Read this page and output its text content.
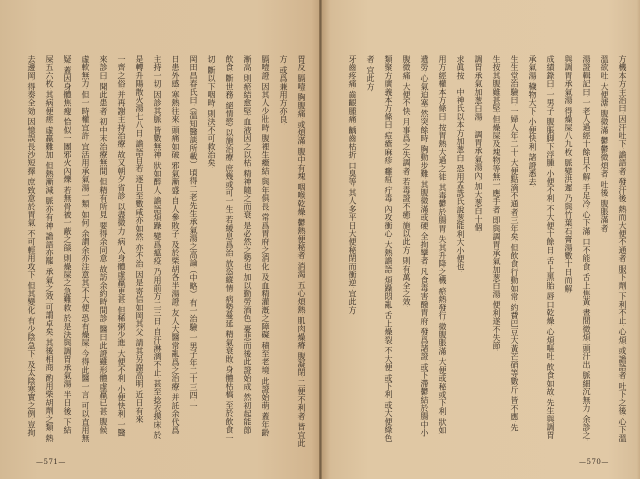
胃反。膈噎。胸腹痛。或煩滿。腹中有塊。咽喉乾燥。鬱熱便秘者。消渴。五心煩熱。肌肉燥瘠。腹凝閉。二便不利者。皆宜此
方。或爲兼用方亦良。
膈噎證。因其人少壯時。腹裡生癥結。與年俱長。常爲胃府之消化。及血精灌漑之障礙。積至老境。此證始萌。蓋年齡
漸高。則瘀結愈堅。血液因之以枯。精神隨之而衰。是必然之勢也。加以勤勞酒色。憂悲而後此證始成。然初起能節
飲食。斷世務。絕情慾。以施治療。庶幾或可一生。若緩息爲治。放恣縱情。病勢蔓延。精氣衰敗。身體枯槁。至於飲食一
切。斷以下咽時。則決不可救治矣。
岡田昌春氏曰。（溫知醫談所載）頃得二老先生承氣湯之高論。（中略）有一治驗。一男子年二十三四。一
日患外感。寒熱往來。頭痛如破。邪氣漸盛。自人參敗子。及於柴胡各半湯證。友人大醫常亂爲之治療。并託余代爲
主持一切。因診其脈。皆數無神。狀如醉人。譫語煩躁。變爲瘟疫。乃用前方二三日。自汗淋漓不止。甚至捻衣摸床。於
是轉升陽散火湯七八日。譫語自若。逐日至數咸亦如然。亦不治。因是寄信如岡其父。請其另謝高明。近日有來
一齊之俗。并再謝主持治療。故又朝夕省診。以盡微力。病人身體虛羸更甚。但稀粥少進。大便不利。小便快利。一醫
來診曰。聞此患者。初中末治療無間。但精有所見。要得余同意。故訪余約時間診。醫曰此證雖形體虛羸已甚。腹候
虛軟無力。但一時權宜許。宜活用承氣湯一類。如何。余謂余亦注意其不大便。恐有燥屎。今得此醫一言。可以直用無
疑。蓋因身體焦瘦。恰似一團邪火內爍。若無骨被一蔽之燄。則燥屎之急難救。於是決與調胃承氣湯。半日後。下結
屎五六枚。其病便瘥。虛羸難加。但熱漸減。脈亦有神。譫語亦罷。承氣之效。可謂卓矣。其後相商。酌用柴胡劑之類。熱
去邊岡。得奏全効。因憶誤長沙短擇。庶致意於胃氣。不可輕用攻下。但其變化。有少陰急下。及太陰寒實之例。豈拘
—571—
方機本方主治曰。因汗吐下。譫語者。發汗後。熱而大便不通者。服下劑。下利不止。心煩。或譫語者。吐下之後。心下溫
溫欲吐。大便溏。腹微滿。鬱鬱微煩者。吐後。腹脹滿者。
湯證輯記曰。一老人過經十餘日不解。手足冷。心下滿。口不能食。舌上焦黃。晝間微煩。頭汗出。脈細沉無力。余診之。
與調胃承氣湯。得燥屎八九枚。脈變洪遲。乃與竹葉石膏湯數十日而解。
成績錄曰。一男子。腹脹脚下浮腫。小便不利。不大便十餘日。舌上黑胎。唇口乾燥。心煩嘔吐。飲食如故。先生與調胃
承氣湯。穢物大下。小便快利。諸證悉去。
生生堂治驗曰。一婦人年二十。大便點滴不通者三年矣。但飲食行動如常。約費巴豆大黃芒硝等數斤。皆不應。先
生按其腹雖甚堅。但燥屎及塊物等無一應手者。即與調胃承氣加葱白湯。便利遂不失節。
調胃承氣加葱白湯。　調胃承氣湯內。加大葱白十個。
求眞按　中神氏以本方加葱白。恐用孟詵氏說葱能利大小便也。
用方經權本方條曰。按胃熱大過之徒。其毒鬱於腸胃。失其升降之機。瘀熱發行。微腹脹滿。大便或秘或下利。狀如
遺勞。心氣迫塞。然突餘時。胸動步難。其腹微滿或硬。全拘攣者。凡食毒害醱胃府。發爲諸證。或下滯鬱結於腸中小
腹微痛。大便不快。月事爲之失調者。若毒證不癒。施以此方。則有萬全之效。
類聚方廣義本方條曰。痘瘡麻疹。癰疽。疔毒。內攻衝心。大熱譫語。煩躁悶亂。舌上燥裂。不大便。或下利。或大便綠色
者。宜此方。
牙齒疼痛。齒齦腫痛。齲齒枯折。口臭等。其人多平日大便秘閉而衝逆。宜此方。
—570—
